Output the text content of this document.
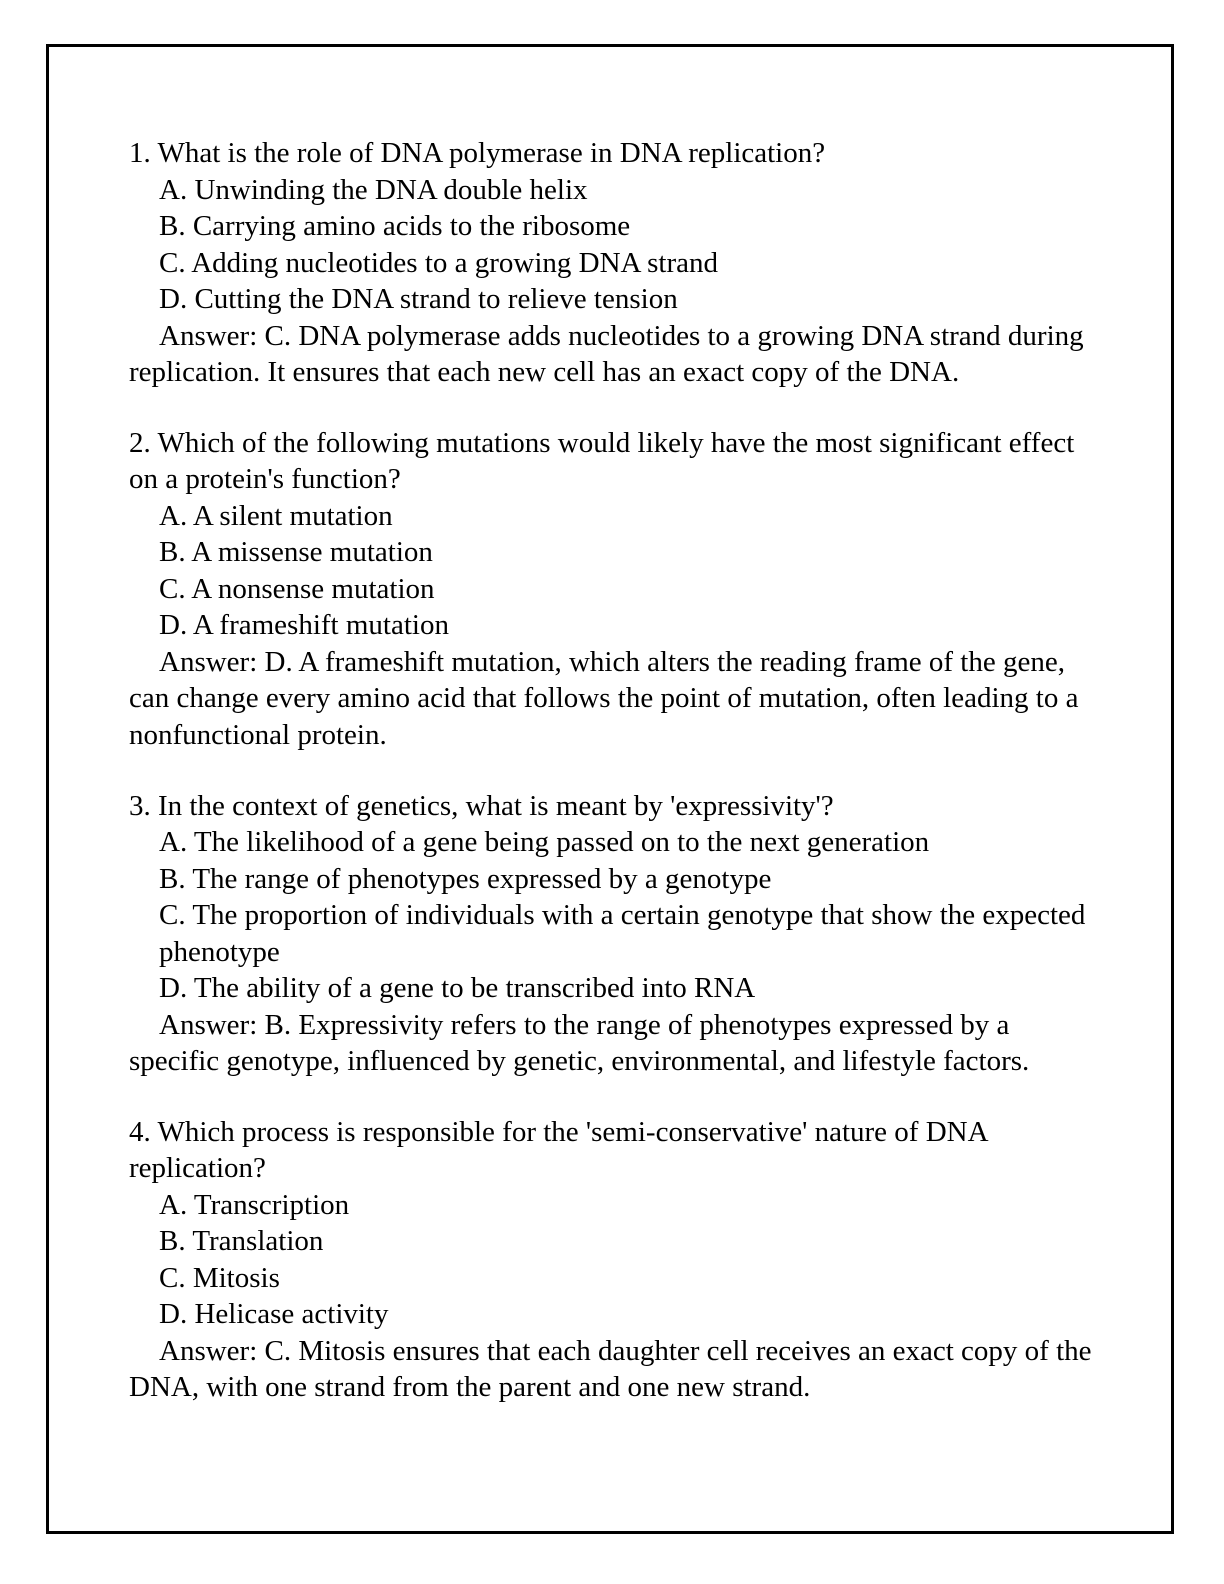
1. What is the role of DNA polymerase in DNA replication?
A. Unwinding the DNA double helix
B. Carrying amino acids to the ribosome
C. Adding nucleotides to a growing DNA strand
D. Cutting the DNA strand to relieve tension
Answer: C. DNA polymerase adds nucleotides to a growing DNA strand during replication. It ensures that each new cell has an exact copy of the DNA.
2. Which of the following mutations would likely have the most significant effect on a protein's function?
A. A silent mutation
B. A missense mutation
C. A nonsense mutation
D. A frameshift mutation
Answer: D. A frameshift mutation, which alters the reading frame of the gene, can change every amino acid that follows the point of mutation, often leading to a nonfunctional protein.
3. In the context of genetics, what is meant by 'expressivity'?
A. The likelihood of a gene being passed on to the next generation
B. The range of phenotypes expressed by a genotype
C. The proportion of individuals with a certain genotype that show the expected phenotype
D. The ability of a gene to be transcribed into RNA
Answer: B. Expressivity refers to the range of phenotypes expressed by a specific genotype, influenced by genetic, environmental, and lifestyle factors.
4. Which process is responsible for the 'semi-conservative' nature of DNA replication?
A. Transcription
B. Translation
C. Mitosis
D. Helicase activity
Answer: C. Mitosis ensures that each daughter cell receives an exact copy of the DNA, with one strand from the parent and one new strand.
